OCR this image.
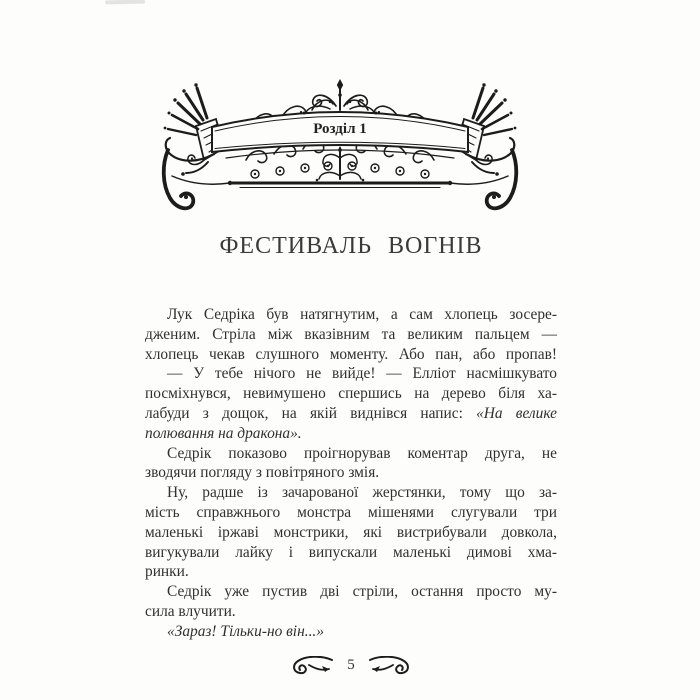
Розділ 1
ФЕСТИВАЛЬ ВОГНІВ
Лук Седріка був натягнутим, а сам хлопець зосере-
дженим. Стріла між вказівним та великим пальцем —
хлопець чекав слушного моменту. Або пан, або пропав!
— У тебе нічого не вийде! — Елліот насмішкувато
посміхнувся, невимушено спершись на дерево біля ха-
лабуди з дощок, на якій виднівся напис: «На велике
полювання на дракона».
Седрік показово проігнорував коментар друга, не
зводячи погляду з повітряного змія.
Ну, радше із зачарованої жерстянки, тому що за-
мість справжнього монстра мішенями слугували три
маленькі іржаві монстрики, які вистрибували довкола,
вигукували лайку і випускали маленькі димові хма-
ринки.
Седрік уже пустив дві стріли, остання просто му-
сила влучити.
«Зараз! Тільки-но він...»
5
